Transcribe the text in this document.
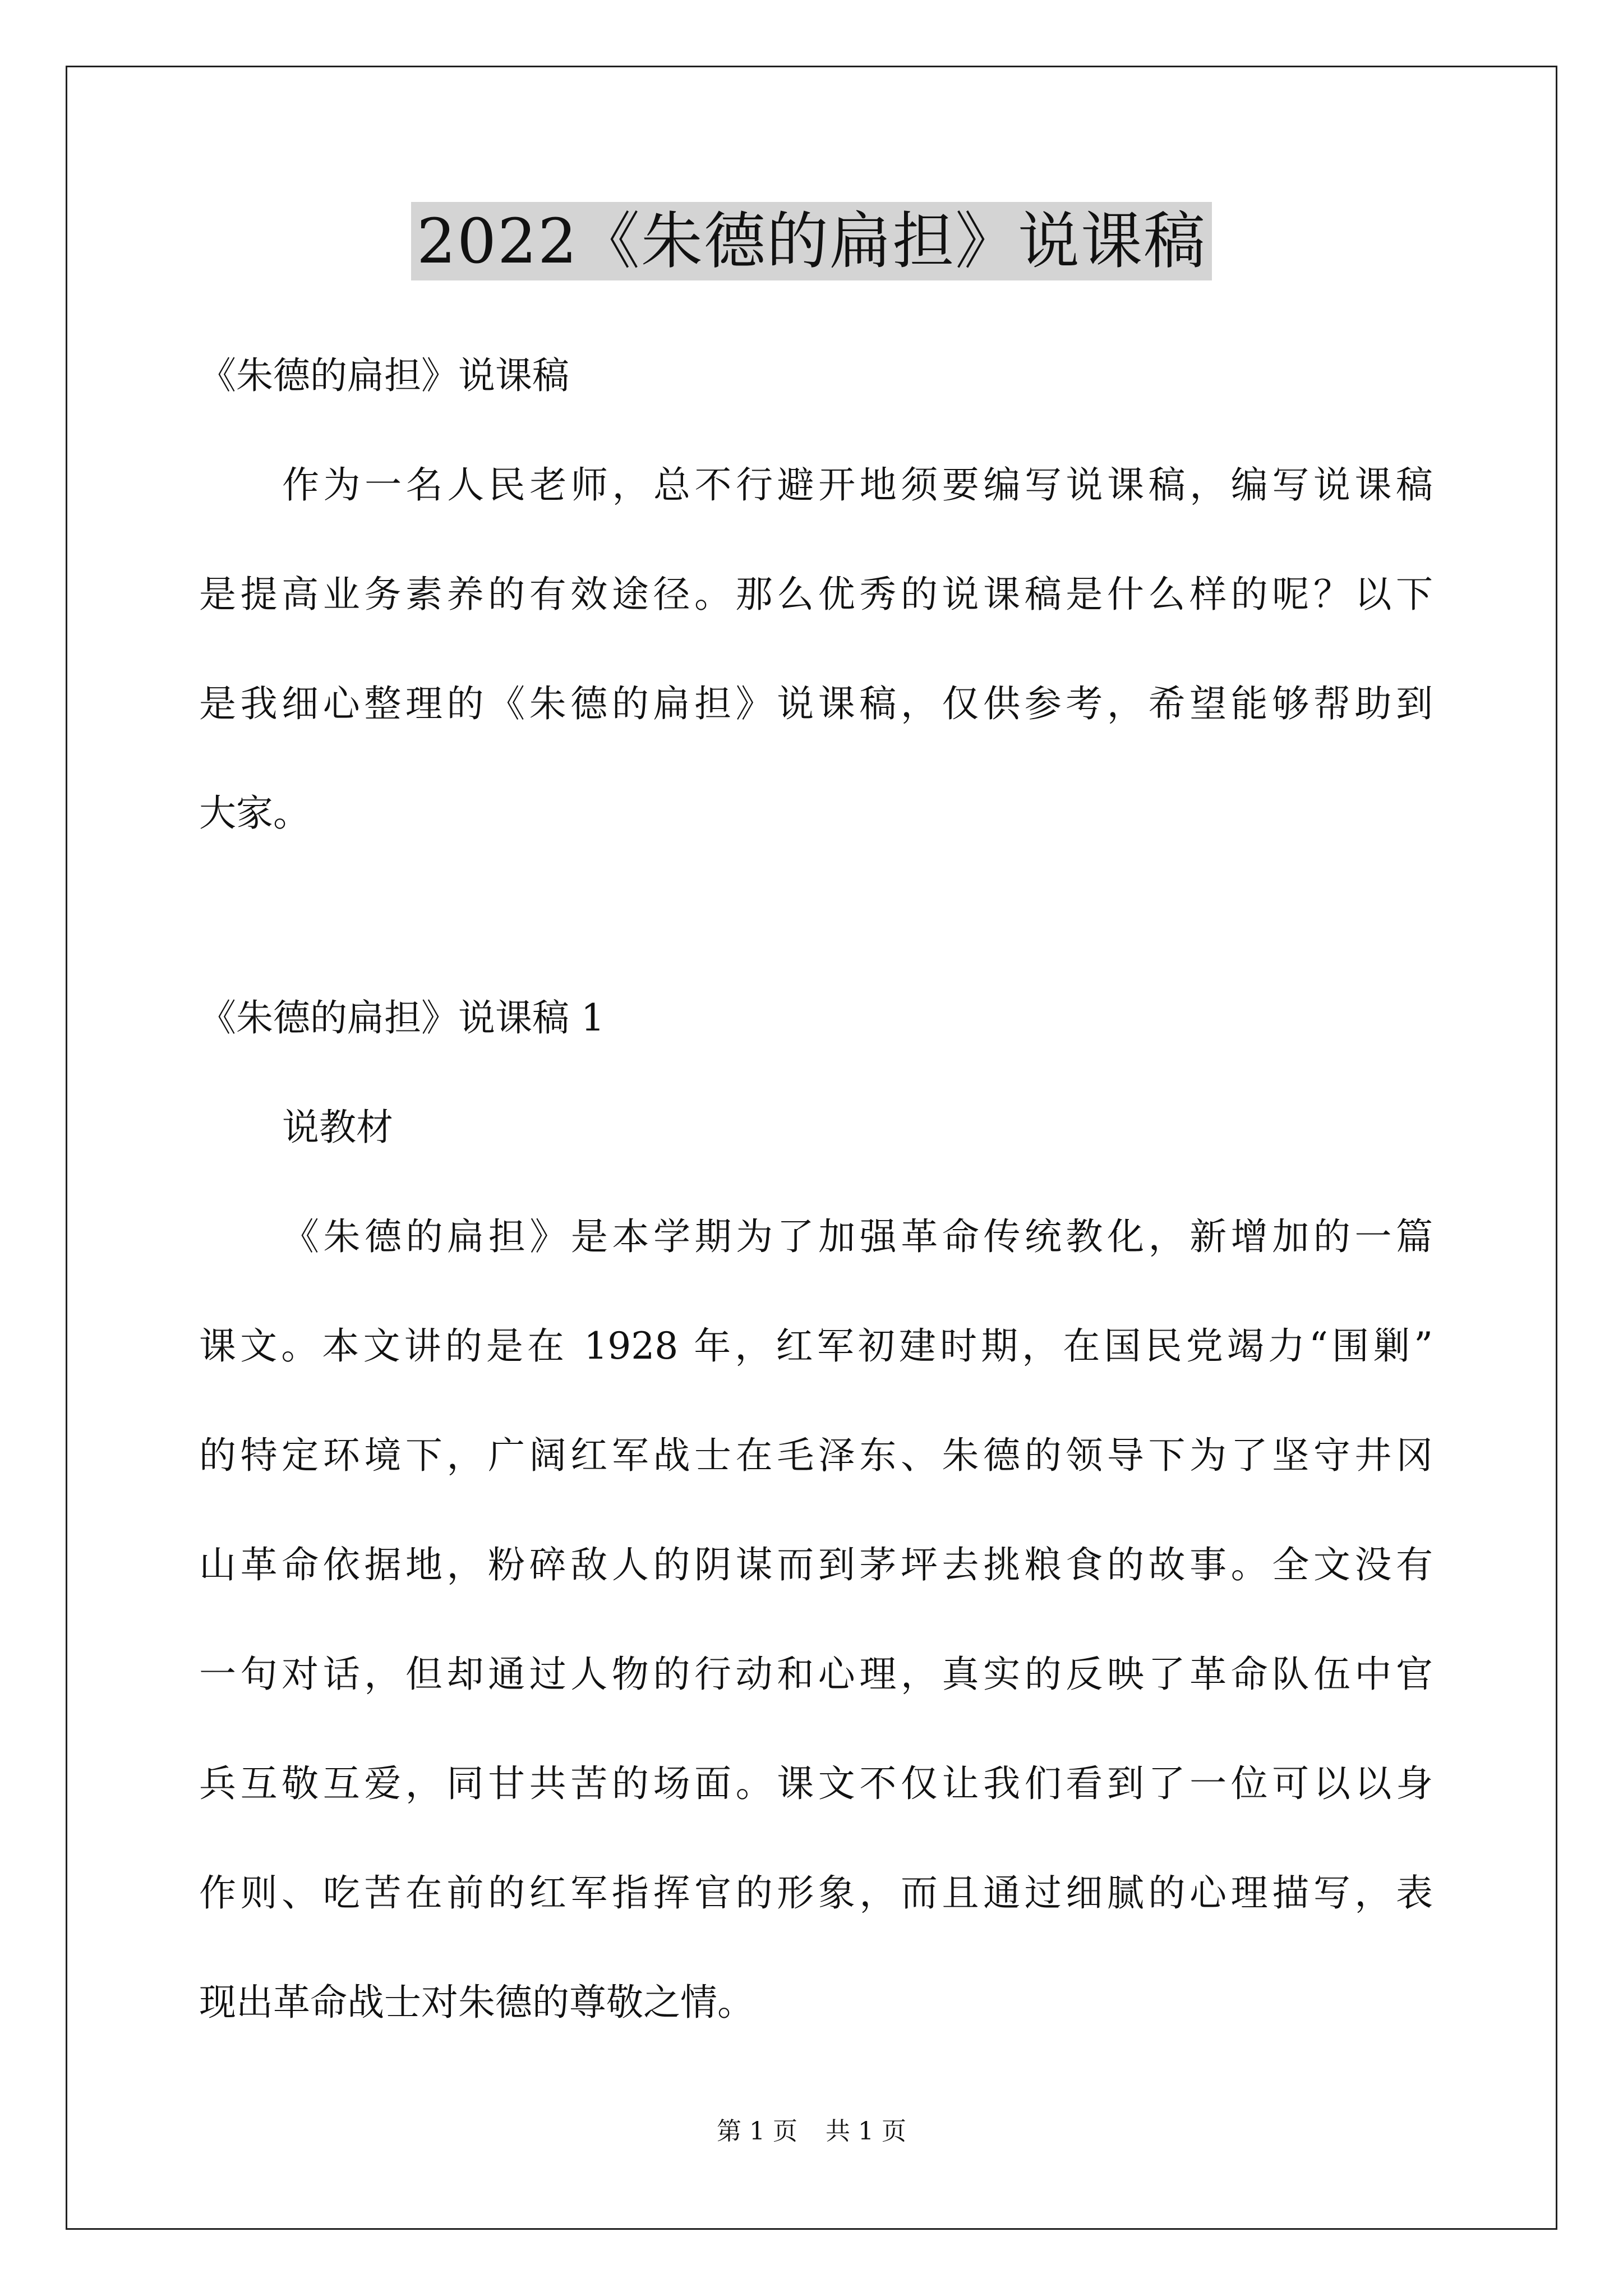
2022《朱德的扁担》说课稿
《朱德的扁担》说课稿
作为一名人民老师，总不行避开地须要编写说课稿，编写说课稿
是提高业务素养的有效途径。那么优秀的说课稿是什么样的呢？以下
是我细心整理的《朱德的扁担》说课稿，仅供参考，希望能够帮助到
大家。
《朱德的扁担》说课稿 1
说教材
《朱德的扁担》是本学期为了加强革命传统教化，新增加的一篇
课文。本文讲的是在 1928 年，红军初建时期，在国民党竭力“围剿”
的特定环境下，广阔红军战士在毛泽东、朱德的领导下为了坚守井冈
山革命依据地，粉碎敌人的阴谋而到茅坪去挑粮食的故事。全文没有
一句对话，但却通过人物的行动和心理，真实的反映了革命队伍中官
兵互敬互爱，同甘共苦的场面。课文不仅让我们看到了一位可以以身
作则、吃苦在前的红军指挥官的形象，而且通过细腻的心理描写，表
现出革命战士对朱德的尊敬之情。
第 1 页 共 1 页
